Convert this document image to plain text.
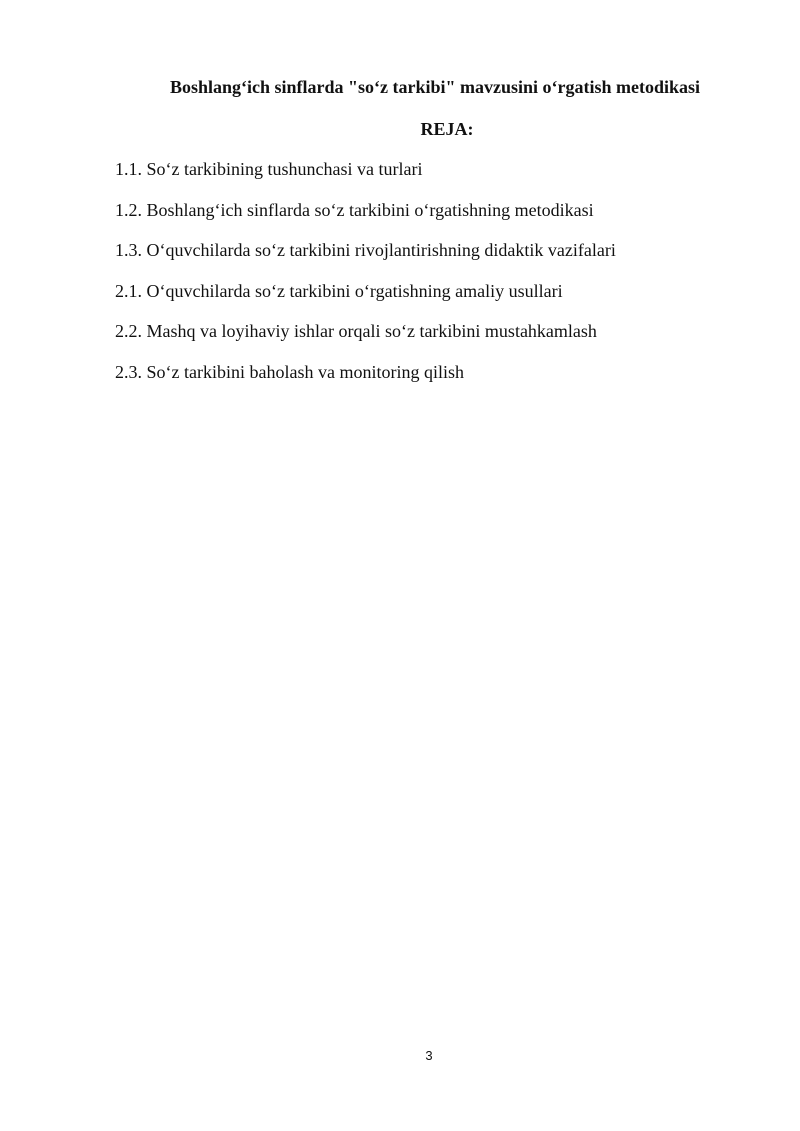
Boshlang‘ich sinflarda "so‘z tarkibi" mavzusini o‘rgatish metodikasi
REJA:
1.1. So‘z tarkibining tushunchasi va turlari
1.2. Boshlang‘ich sinflarda so‘z tarkibini o‘rgatishning metodikasi
1.3. O‘quvchilarda so‘z tarkibini rivojlantirishning didaktik vazifalari
2.1. O‘quvchilarda so‘z tarkibini o‘rgatishning amaliy usullari
2.2. Mashq va loyihaviy ishlar orqali so‘z tarkibini mustahkamlash
2.3. So‘z tarkibini baholash va monitoring qilish
3
